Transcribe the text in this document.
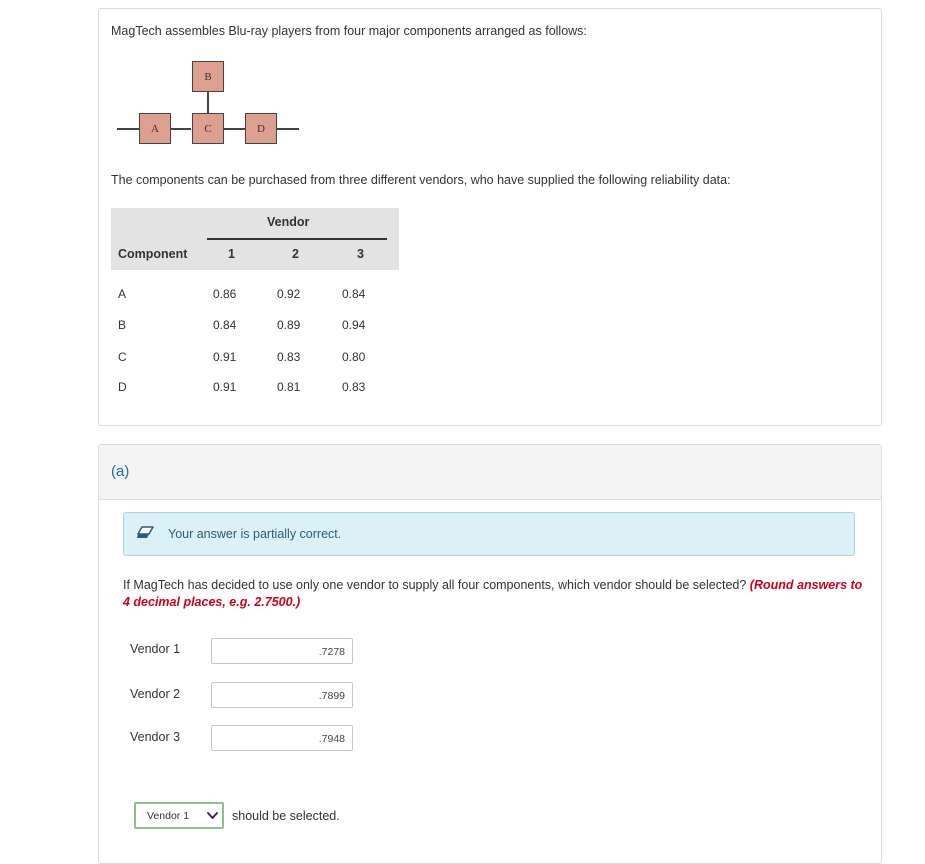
MagTech assembles Blu-ray players from four major components arranged as follows:
A
B
C	D
The components can be purchased from three different vendors, who have supplied the following reliability data:
Vendor
Component	1	2	3
A	0.86	0.92	0.84
B	0.84	0.89	0.94
C	0.91	0.83	0.80
D	0.91	0.81	0.83
(a)
Your answer is partially correct.
If MagTech has decided to use only one vendor to supply all four components, which vendor should be selected? (Round answers to 4 decimal places, e.g. 2.7500.)
Vendor 1
.7278
Vendor 2
.7899
Vendor 3
.7948
Vendor 1	should be selected.
